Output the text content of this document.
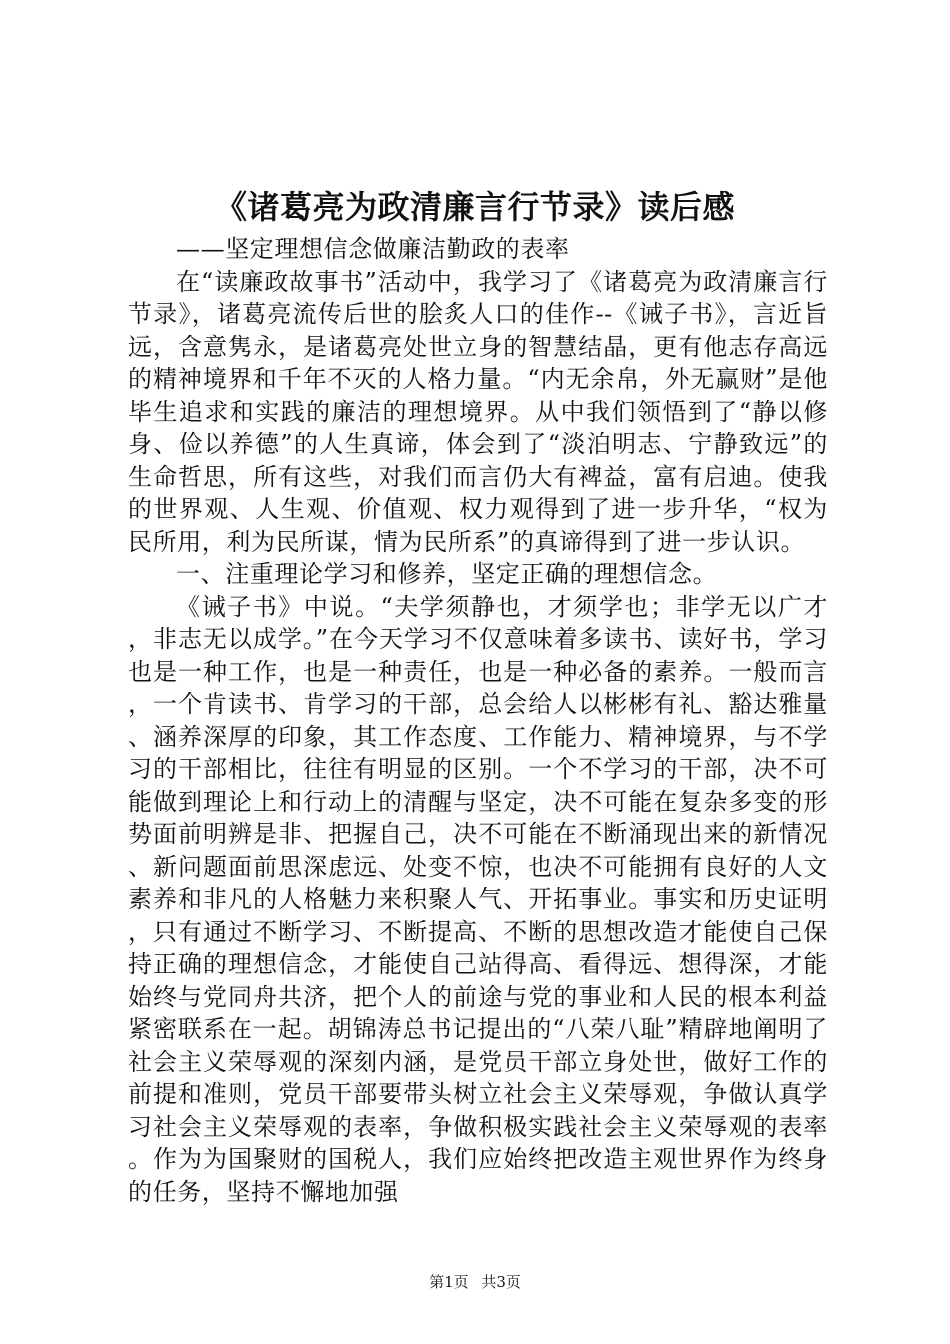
《诸葛亮为政清廉言行节录》读后感

——坚定理想信念做廉洁勤政的表率

在“读廉政故事书”活动中，我学习了《诸葛亮为政清廉言行节录》，诸葛亮流传后世的脍炙人口的佳作--《诫子书》，言近旨远，含意隽永，是诸葛亮处世立身的智慧结晶，更有他志存高远的精神境界和千年不灭的人格力量。“内无余帛，外无赢财”是他毕生追求和实践的廉洁的理想境界。从中我们领悟到了“静以修身、俭以养德”的人生真谛，体会到了“淡泊明志、宁静致远”的生命哲思，所有这些，对我们而言仍大有裨益，富有启迪。使我的世界观、人生观、价值观、权力观得到了进一步升华，“权为民所用，利为民所谋，情为民所系”的真谛得到了进一步认识。

一、注重理论学习和修养，坚定正确的理想信念。

《诫子书》中说。“夫学须静也，才须学也；非学无以广才，非志无以成学。”在今天学习不仅意味着多读书、读好书，学习也是一种工作，也是一种责任，也是一种必备的素养。一般而言，一个肯读书、肯学习的干部，总会给人以彬彬有礼、豁达雅量、涵养深厚的印象，其工作态度、工作能力、精神境界，与不学习的干部相比，往往有明显的区别。一个不学习的干部，决不可能做到理论上和行动上的清醒与坚定，决不可能在复杂多变的形势面前明辨是非、把握自己，决不可能在不断涌现出来的新情况、新问题面前思深虑远、处变不惊，也决不可能拥有良好的人文素养和非凡的人格魅力来积聚人气、开拓事业。事实和历史证明，只有通过不断学习、不断提高、不断的思想改造才能使自己保持正确的理想信念，才能使自己站得高、看得远、想得深，才能始终与党同舟共济，把个人的前途与党的事业和人民的根本利益紧密联系在一起。胡锦涛总书记提出的“八荣八耻”精辟地阐明了社会主义荣辱观的深刻内涵，是党员干部立身处世，做好工作的前提和准则，党员干部要带头树立社会主义荣辱观，争做认真学习社会主义荣辱观的表率，争做积极实践社会主义荣辱观的表率。作为为国聚财的国税人，我们应始终把改造主观世界作为终身的任务，坚持不懈地加强

第1页 共3页
